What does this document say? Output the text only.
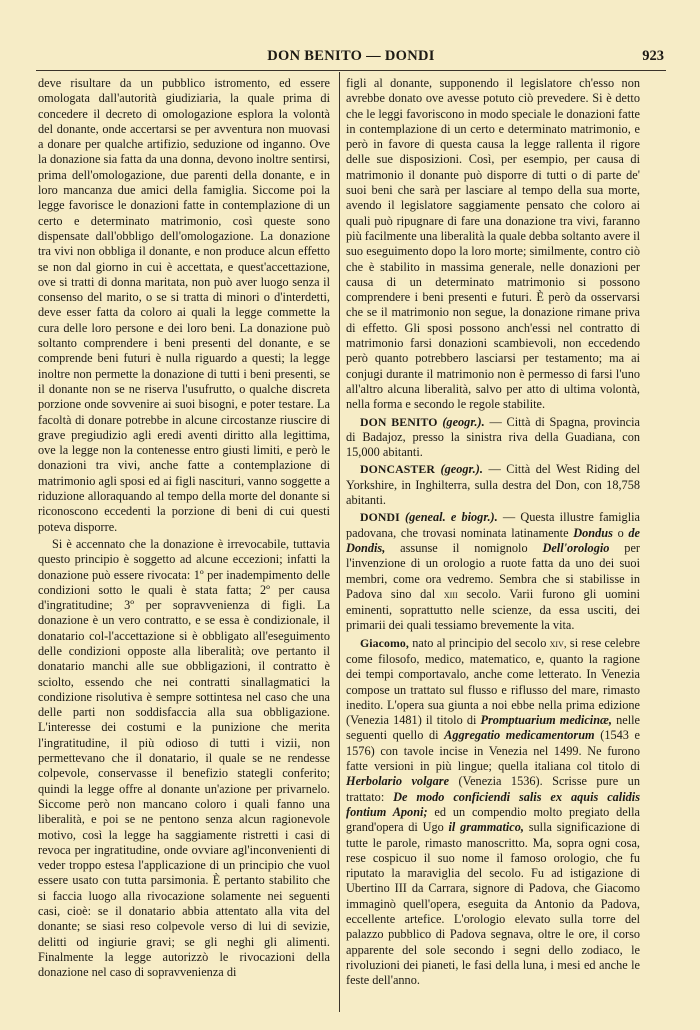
DON BENITO — DONDI	923

deve risultare da un pubblico istromento, ed essere omologata dall'autorità giudiziaria, la quale prima di concedere il decreto di omologazione esplora la volontà del donante, onde accertarsi se per avventura non muovasi a donare per qualche artifizio, seduzione od inganno. Ove la donazione sia fatta da una donna, devono inoltre sentirsi, prima dell'omologazione, due parenti della donante, e in loro mancanza due amici della famiglia. Siccome poi la legge favorisce le donazioni fatte in contemplazione di un certo e determinato matrimonio, così queste sono dispensate dall'obbligo dell'omologazione. La donazione tra vivi non obbliga il donante, e non produce alcun effetto se non dal giorno in cui è accettata, e quest'accettazione, ove si tratti di donna maritata, non può aver luogo senza il consenso del marito, o se si tratta di minori o d'interdetti, deve esser fatta da coloro ai quali la legge commette la cura delle loro persone e dei loro beni. La donazione può soltanto comprendere i beni presenti del donante, e se comprende beni futuri è nulla riguardo a questi; la legge inoltre non permette la donazione di tutti i beni presenti, se il donante non se ne riserva l'usufrutto, o qualche discreta porzione onde sovvenire ai suoi bisogni, e poter testare. La facoltà di donare potrebbe in alcune circostanze riuscire di grave pregiudizio agli eredi aventi diritto alla legittima, ove la legge non la contenesse entro giusti limiti, e però le donazioni tra vivi, anche fatte a contemplazione di matrimonio agli sposi ed ai figli nascituri, vanno soggette a riduzione alloraquando al tempo della morte del donante si riconoscono eccedenti la porzione di beni di cui questi poteva disporre.

Si è accennato che la donazione è irrevocabile, tuttavia questo principio è soggetto ad alcune eccezioni; infatti la donazione può essere rivocata: 1º per inadempimento delle condizioni sotto le quali è stata fatta; 2º per causa d'ingratitudine; 3º per sopravvenienza di figli. La donazione è un vero contratto, e se essa è condizionale, il donatario col-l'accettazione si è obbligato all'eseguimento delle condizioni opposte alla liberalità; ove pertanto il donatario manchi alle sue obbligazioni, il contratto è sciolto, essendo che nei contratti sinallagmatici la condizione risolutiva è sempre sottintesa nel caso che una delle parti non soddisfaccia alla sua obbligazione. L'interesse dei costumi e la punizione che merita l'ingratitudine, il più odioso di tutti i vizii, non permettevano che il donatario, il quale se ne rendesse colpevole, conservasse il benefizio stategli conferito; quindi la legge offre al donante un'azione per privarnelo. Siccome però non mancano coloro i quali fanno una liberalità, e poi se ne pentono senza alcun ragionevole motivo, così la legge ha saggiamente ristretti i casi di revoca per ingratitudine, onde ovviare agl'inconvenienti di veder troppo estesa l'applicazione di un principio che vuol essere usato con tutta parsimonia. È pertanto stabilito che si faccia luogo alla rivocazione solamente nei seguenti casi, cioè: se il donatario abbia attentato alla vita del donante; se siasi reso colpevole verso di lui di sevizie, delitti od ingiurie gravi; se gli neghi gli alimenti. Finalmente la legge autorizzò le rivocazioni della donazione nel caso di sopravvenienza di

figli al donante, supponendo il legislatore ch'esso non avrebbe donato ove avesse potuto ciò prevedere. Si è detto che le leggi favoriscono in modo speciale le donazioni fatte in contemplazione di un certo e determinato matrimonio, e però in favore di questa causa la legge rallenta il rigore delle sue disposizioni. Così, per esempio, per causa di matrimonio il donante può disporre di tutti o di parte de' suoi beni che sarà per lasciare al tempo della sua morte, avendo il legislatore saggiamente pensato che coloro ai quali può ripugnare di fare una donazione tra vivi, faranno più facilmente una liberalità la quale debba soltanto avere il suo eseguimento dopo la loro morte; similmente, contro ciò che è stabilito in massima generale, nelle donazioni per causa di un determinato matrimonio si possono comprendere i beni presenti e futuri. È però da osservarsi che se il matrimonio non segue, la donazione rimane priva di effetto. Gli sposi possono anch'essi nel contratto di matrimonio farsi donazioni scambievoli, non eccedendo però quanto potrebbero lasciarsi per testamento; ma ai conjugi durante il matrimonio non è permesso di farsi l'uno all'altro alcuna liberalità, salvo per atto di ultima volontà, nella forma e secondo le regole stabilite.

DON BENITO (geogr.). — Città di Spagna, provincia di Badajoz, presso la sinistra riva della Guadiana, con 15,000 abitanti.

DONCASTER (geogr.). — Città del West Riding del Yorkshire, in Inghilterra, sulla destra del Don, con 18,758 abitanti.

DONDI (geneal. e biogr.). — Questa illustre famiglia padovana, che trovasi nominata latinamente Dondus o de Dondis, assunse il nomignolo Dell'orologio per l'invenzione di un orologio a ruote fatta da uno dei suoi membri, come ora vedremo. Sembra che si stabilisse in Padova sino dal xiii secolo. Varii furono gli uomini eminenti, soprattutto nelle scienze, da essa usciti, dei primarii dei quali tessiamo brevemente la vita.

Giacomo, nato al principio del secolo xiv, si rese celebre come filosofo, medico, matematico, e, quanto la ragione dei tempi comportavalo, anche come letterato. In Venezia compose un trattato sul flusso e riflusso del mare, rimasto inedito. L'opera sua giunta a noi ebbe nella prima edizione (Venezia 1481) il titolo di Promptuarium medicinæ, nelle seguenti quello di Aggregatio medicamentorum (1543 e 1576) con tavole incise in Venezia nel 1499. Ne furono fatte versioni in più lingue; quella italiana col titolo di Herbolario volgare (Venezia 1536). Scrisse pure un trattato: De modo conficiendi salis ex aquis calidis fontium Aponi; ed un compendio molto pregiato della grand'opera di Ugo il grammatico, sulla significazione di tutte le parole, rimasto manoscritto. Ma, sopra ogni cosa, rese cospicuo il suo nome il famoso orologio, che fu riputato la maraviglia del secolo. Fu ad istigazione di Ubertino III da Carrara, signore di Padova, che Giacomo immaginò quell'opera, eseguita da Antonio da Padova, eccellente artefice. L'orologio elevato sulla torre del palazzo pubblico di Padova segnava, oltre le ore, il corso apparente del sole secondo i segni dello zodiaco, le rivoluzioni dei pianeti, le fasi della luna, i mesi ed anche le feste dell'anno.
